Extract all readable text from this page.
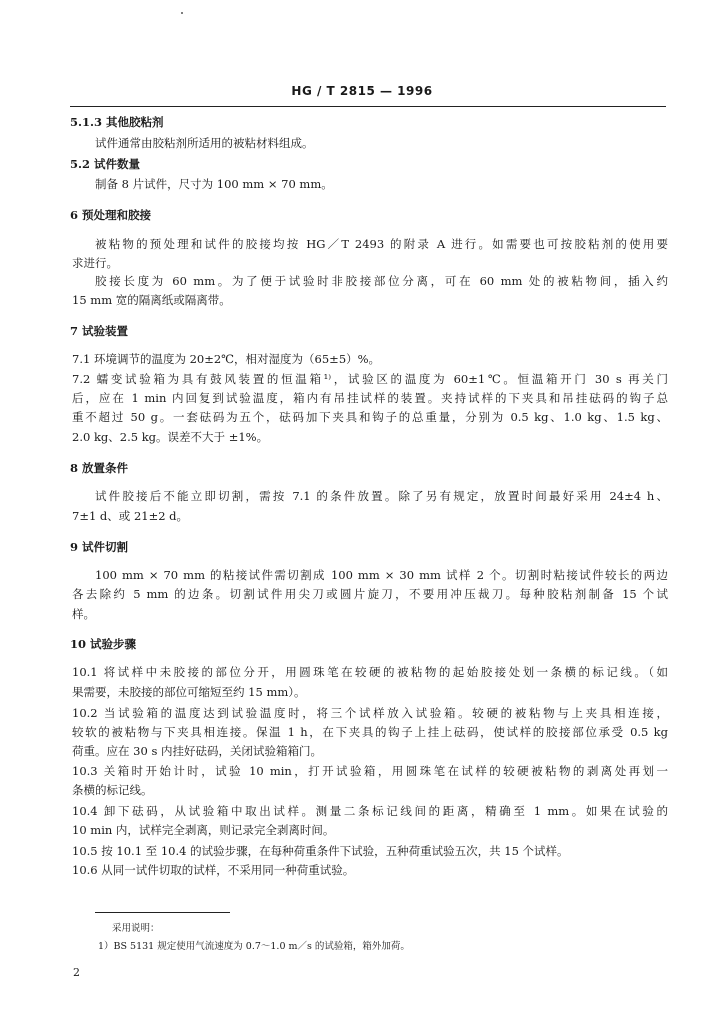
HG / T 2815 — 1996
5.1.3 其他胶粘剂
试件通常由胶粘剂所适用的被粘材料组成。
5.2 试件数量
制备 8 片试件，尺寸为 100 mm × 70 mm。
6 预处理和胶接
被粘物的预处理和试件的胶接均按 HG／T 2493 的附录 A 进行。如需要也可按胶粘剂的使用要
求进行。
胶接长度为 60 mm。为了便于试验时非胶接部位分离，可在 60 mm 处的被粘物间，插入约
15 mm 宽的隔离纸或隔离带。
7 试验装置
7.1 环境调节的温度为 20±2℃，相对湿度为（65±5）%。
7.2 蠕变试验箱为具有鼓风装置的恒温箱¹⁾，试验区的温度为 60±1℃。恒温箱开门 30 s 再关门
后，应在 1 min 内回复到试验温度，箱内有吊挂试样的装置。夹持试样的下夹具和吊挂砝码的钩子总
重不超过 50 g。一套砝码为五个，砝码加下夹具和钩子的总重量，分别为 0.5 kg、1.0 kg、1.5 kg、
2.0 kg、2.5 kg。误差不大于 ±1%。
8 放置条件
试件胶接后不能立即切割，需按 7.1 的条件放置。除了另有规定，放置时间最好采用 24±4 h、
7±1 d、或 21±2 d。
9 试件切割
100 mm × 70 mm 的粘接试件需切割成 100 mm × 30 mm 试样 2 个。切割时粘接试件较长的两边
各去除约 5 mm 的边条。切割试件用尖刀或圆片旋刀，不要用冲压裁刀。每种胶粘剂制备 15 个试
样。
10 试验步骤
10.1 将试样中未胶接的部位分开，用圆珠笔在较硬的被粘物的起始胶接处划一条横的标记线。（如
果需要，未胶接的部位可缩短至约 15 mm）。
10.2 当试验箱的温度达到试验温度时，将三个试样放入试验箱。较硬的被粘物与上夹具相连接，
较软的被粘物与下夹具相连接。保温 1 h，在下夹具的钩子上挂上砝码，使试样的胶接部位承受 0.5 kg
荷重。应在 30 s 内挂好砝码，关闭试验箱箱门。
10.3 关箱时开始计时，试验 10 min，打开试验箱，用圆珠笔在试样的较硬被粘物的剥离处再划一
条横的标记线。
10.4 卸下砝码，从试验箱中取出试样。测量二条标记线间的距离，精确至 1 mm。如果在试验的
10 min 内，试样完全剥离，则记录完全剥离时间。
10.5 按 10.1 至 10.4 的试验步骤，在每种荷重条件下试验，五种荷重试验五次，共 15 个试样。
10.6 从同一试件切取的试样，不采用同一种荷重试验。
采用说明：
1）BS 5131 规定使用气流速度为 0.7～1.0 m／s 的试验箱，箱外加荷。
2
